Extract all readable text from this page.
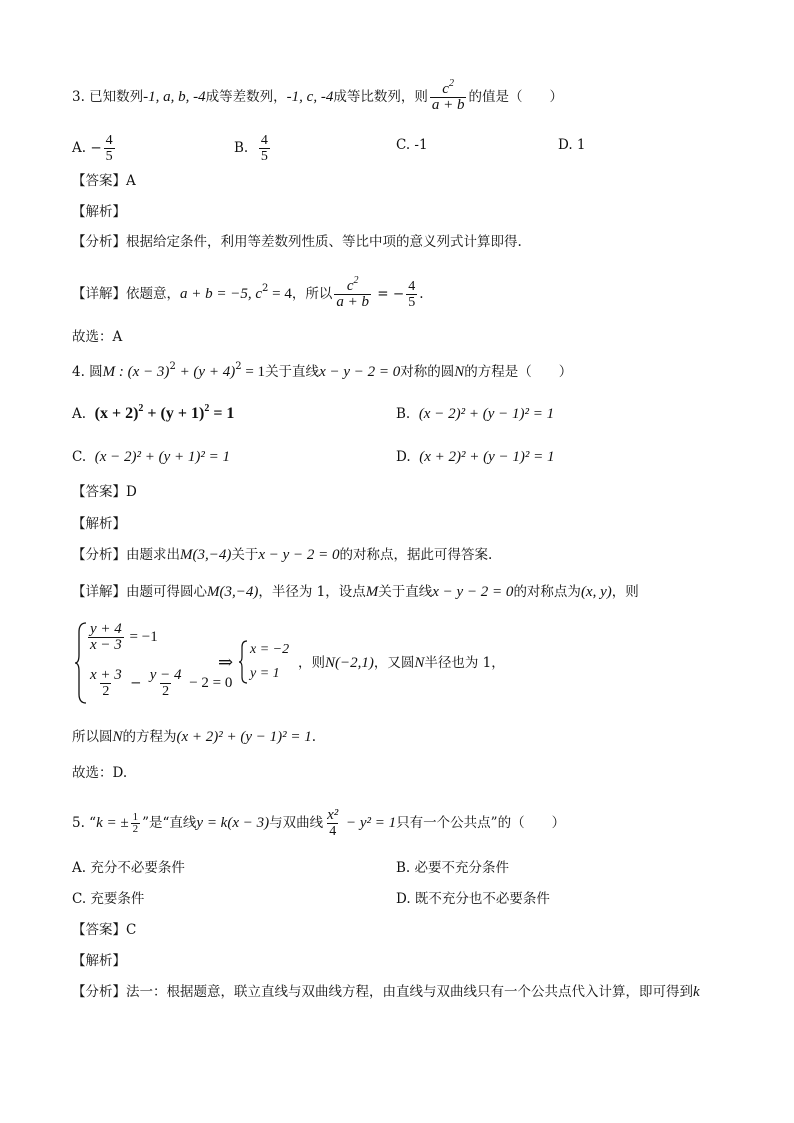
3. 已知数列-1, a, b, -4成等差数列，-1, c, -4成等比数列，则 $\frac{c^2}{a + b}$ 的值是（　　）
A. − $\frac{4}{5}$	B. $\frac{4}{5}$	C. -1	D. 1
【答案】A
【解析】
【分析】根据给定条件，利用等差数列性质、等比中项的意义列式计算即得.
【详解】依题意，a + b = −5, $c^2 = 4$，所以 $\frac{c^2}{a + b}$ = − $\frac{4}{5}$ .
故选：A
4. 圆M : $(x - 3)^2 + (y + 4)^2 = 1$关于直线x − y − 2 = 0对称的圆N的方程是（　　）
A. $(x + 2)^2 + (y + 1)^2 = 1$	B. (x − 2)² + (y − 1)² = 1
C. (x − 2)² + (y + 1)² = 1	D. (x + 2)² + (y − 1)² = 1
【答案】D
【解析】
【分析】由题求出M(3,−4)关于x − y − 2 = 0的对称点，据此可得答案.
【详解】由题可得圆心M(3,−4)，半径为 1，设点M关于直线x − y − 2 = 0的对称点为(x, y)，则
$\frac{y + 4}{x - 3} = -1$
$\frac{x + 3}{2} - \frac{y - 4}{2} - 2 = 0$
⇒
x = −2
y = 1
，则N(−2,1)，又圆N半径也为 1，
所以圆N的方程为(x + 2)² + (y − 1)² = 1.
故选：D.
5. “k = ± $\frac{1}{2}$ ”是“直线y = k(x − 3)与双曲线 $\frac{\text{x²}}{4} - y^2 = 1$只有一个公共点”的（　　）
A. 充分不必要条件	B. 必要不充分条件
C. 充要条件	D. 既不充分也不必要条件
【答案】C
【解析】
【分析】法一：根据题意，联立直线与双曲线方程，由直线与双曲线只有一个公共点代入计算，即可得到k
